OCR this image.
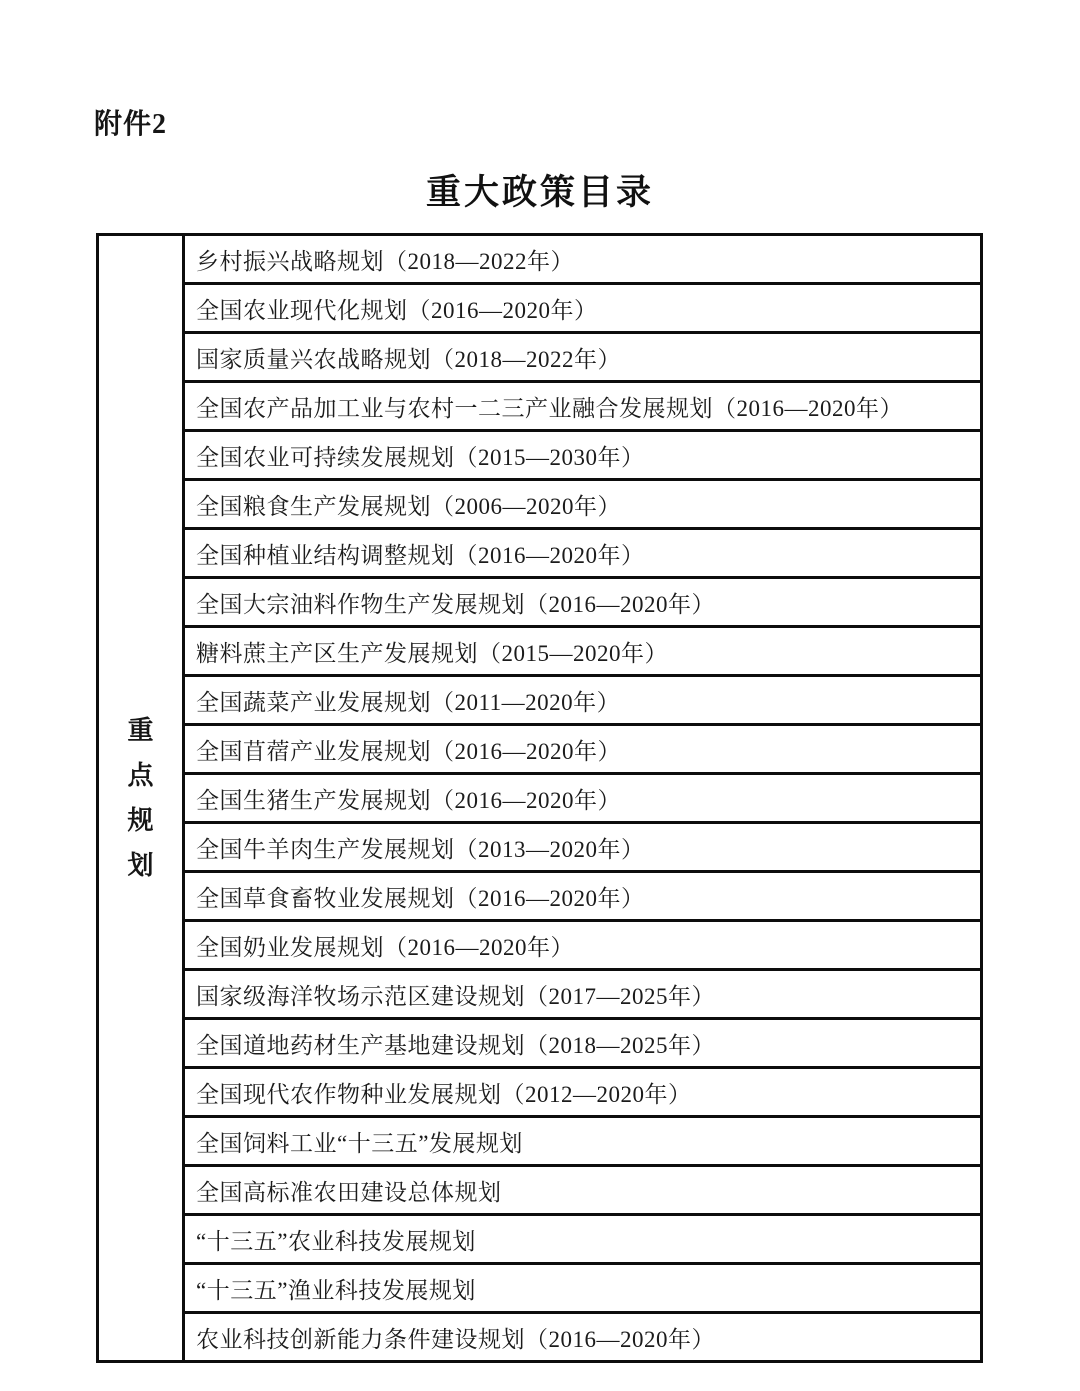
附件2
重大政策目录
重点规划
乡村振兴战略规划（2018—2022年）
全国农业现代化规划（2016—2020年）
国家质量兴农战略规划（2018—2022年）
全国农产品加工业与农村一二三产业融合发展规划（2016—2020年）
全国农业可持续发展规划（2015—2030年）
全国粮食生产发展规划（2006—2020年）
全国种植业结构调整规划（2016—2020年）
全国大宗油料作物生产发展规划（2016—2020年）
糖料蔗主产区生产发展规划（2015—2020年）
全国蔬菜产业发展规划（2011—2020年）
全国苜蓿产业发展规划（2016—2020年）
全国生猪生产发展规划（2016—2020年）
全国牛羊肉生产发展规划（2013—2020年）
全国草食畜牧业发展规划（2016—2020年）
全国奶业发展规划（2016—2020年）
国家级海洋牧场示范区建设规划（2017—2025年）
全国道地药材生产基地建设规划（2018—2025年）
全国现代农作物种业发展规划（2012—2020年）
全国饲料工业“十三五”发展规划
全国高标准农田建设总体规划
“十三五”农业科技发展规划
“十三五”渔业科技发展规划
农业科技创新能力条件建设规划（2016—2020年）
